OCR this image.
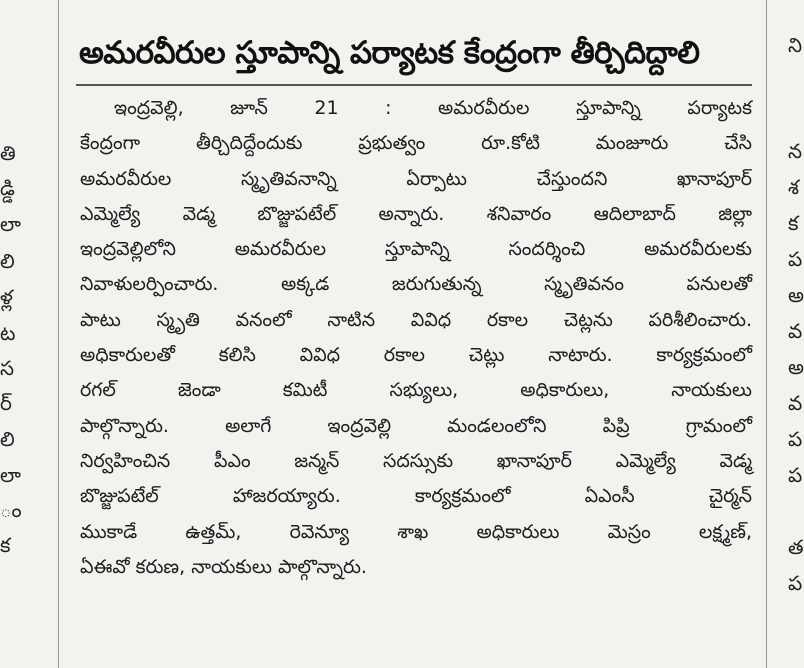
తి
డ్డి
లా
లి
ళ్ల
ట
స
ర్
లి
లా
ం
క
అమరవీరుల స్తూపాన్ని పర్యాటక కేంద్రంగా తీర్చిదిద్దాలి
ఇంద్రవెల్లి, జూన్ 21 : అమరవీరుల స్తూపాన్ని పర్యాటక
కేంద్రంగా తీర్చిదిద్దేందుకు ప్రభుత్వం రూ.కోటి మంజూరు చేసి
అమరవీరుల స్మృతివనాన్ని ఏర్పాటు చేస్తుందని ఖానాపూర్
ఎమ్మెల్యే వెడ్మ బొజ్జుపటేల్ అన్నారు. శనివారం ఆదిలాబాద్ జిల్లా
ఇంద్రవెల్లిలోని అమరవీరుల స్తూపాన్ని సందర్శించి అమరవీరులకు
నివాళులర్పించారు. అక్కడ జరుగుతున్న స్మృతివనం పనులతో
పాటు స్మృతి వనంలో నాటిన వివిధ రకాల చెట్లను పరిశీలించారు.
అధికారులతో కలిసి వివిధ రకాల చెట్లు నాటారు. కార్యక్రమంలో
రగల్ జెండా కమిటీ సభ్యులు, అధికారులు, నాయకులు
పాల్గొన్నారు. అలాగే ఇంద్రవెల్లి మండలంలోని పిప్రి గ్రామంలో
నిర్వహించిన పీఎం జన్మన్ సదస్సుకు ఖానాపూర్ ఎమ్మెల్యే వెడ్మ
బొజ్జుపటేల్ హాజరయ్యారు. కార్యక్రమంలో ఏఎంసీ చైర్మన్
ముకాడే ఉత్తమ్, రెవెన్యూ శాఖ అధికారులు మెస్రం లక్ష్మణ్,
ఏఈవో కరుణ, నాయకులు పాల్గొన్నారు.
ని
న
శ
క
ప
అ
వ
అ
వ
ప
ప
త
ప
